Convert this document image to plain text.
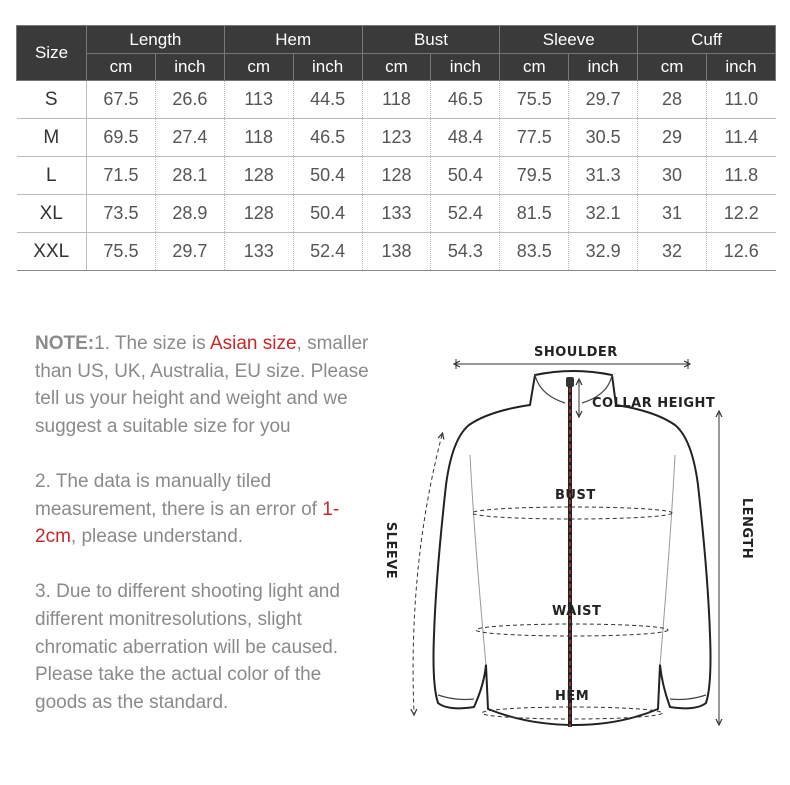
Size	Length		Hem		Bust		Sleeve		Cuff	
	cm	inch	cm	inch	cm	inch	cm	inch	cm	inch
S	67.5	26.6	113	44.5	118	46.5	75.5	29.7	28	11.0
M	69.5	27.4	118	46.5	123	48.4	77.5	30.5	29	11.4
L	71.5	28.1	128	50.4	128	50.4	79.5	31.3	30	11.8
XL	73.5	28.9	128	50.4	133	52.4	81.5	32.1	31	12.2
XXL	75.5	29.7	133	52.4	138	54.3	83.5	32.9	32	12.6

NOTE:1. The size is Asian size, smaller than US, UK, Australia, EU size. Please tell us your height and weight and we suggest a suitable size for you

2. The data is manually tiled measurement, there is an error of 1-2cm, please understand.

3. Due to different shooting light and different monitresolutions, slight chromatic aberration will be caused. Please take the actual color of the goods as the standard.

SHOULDER
COLLAR HEIGHT
BUST
WAIST
HEM
SLEEVE	LENGTH
